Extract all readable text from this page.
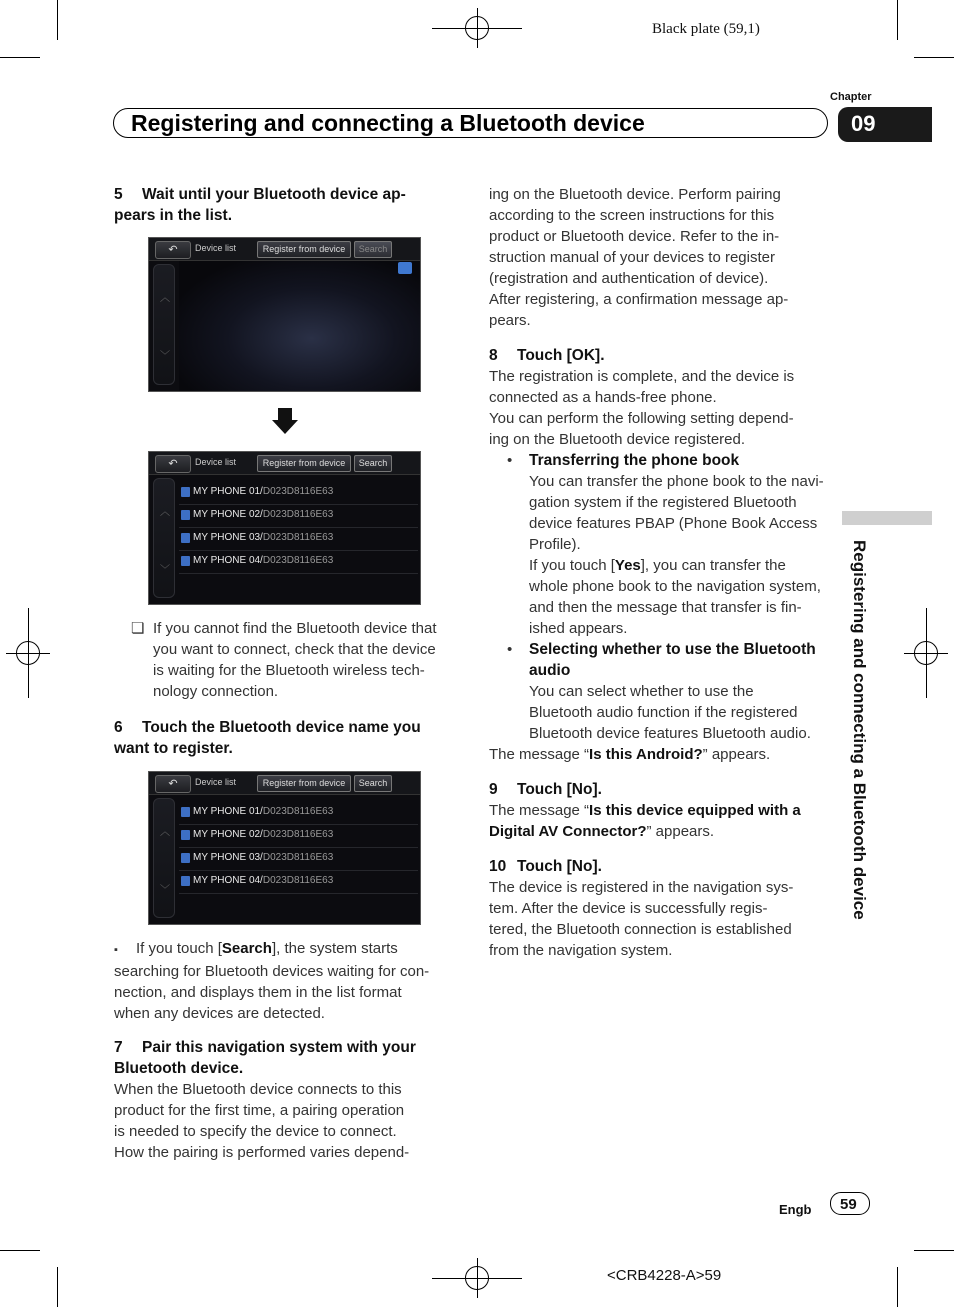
Black plate (59,1)
Chapter
09
Registering and connecting a Bluetooth device
Registering and connecting a Bluetooth device
5 Wait until your Bluetooth device ap-
pears in the list.
↶	Device list	Register from device	Search
︿
﹀
↶	Device list	Register from device	Search
︿
﹀
MY PHONE 01/D023D8116E63
MY PHONE 02/D023D8116E63
MY PHONE 03/D023D8116E63
MY PHONE 04/D023D8116E63
❏ If you cannot find the Bluetooth device that
you want to connect, check that the device
is waiting for the Bluetooth wireless tech-
nology connection.
6 Touch the Bluetooth device name you
want to register.
↶	Device list	Register from device	Search
︿
﹀
MY PHONE 01/D023D8116E63
MY PHONE 02/D023D8116E63
MY PHONE 03/D023D8116E63
MY PHONE 04/D023D8116E63
▪ If you touch [Search], the system starts
searching for Bluetooth devices waiting for con-
nection, and displays them in the list format
when any devices are detected.
7 Pair this navigation system with your
Bluetooth device.
When the Bluetooth device connects to this
product for the first time, a pairing operation
is needed to specify the device to connect.
How the pairing is performed varies depend-
ing on the Bluetooth device. Perform pairing
according to the screen instructions for this
product or Bluetooth device. Refer to the in-
struction manual of your devices to register
(registration and authentication of device).
After registering, a confirmation message ap-
pears.
8 Touch [OK].
The registration is complete, and the device is
connected as a hands-free phone.
You can perform the following setting depend-
ing on the Bluetooth device registered.
• Transferring the phone book
You can transfer the phone book to the navi-
gation system if the registered Bluetooth
device features PBAP (Phone Book Access
Profile).
If you touch [Yes], you can transfer the
whole phone book to the navigation system,
and then the message that transfer is fin-
ished appears.
• Selecting whether to use the Bluetooth
audio
You can select whether to use the
Bluetooth audio function if the registered
Bluetooth device features Bluetooth audio.
The message “Is this Android?” appears.
9 Touch [No].
The message “Is this device equipped with a
Digital AV Connector?” appears.
10 Touch [No].
The device is registered in the navigation sys-
tem. After the device is successfully regis-
tered, the Bluetooth connection is established
from the navigation system.
Engb 59
<CRB4228-A>59
